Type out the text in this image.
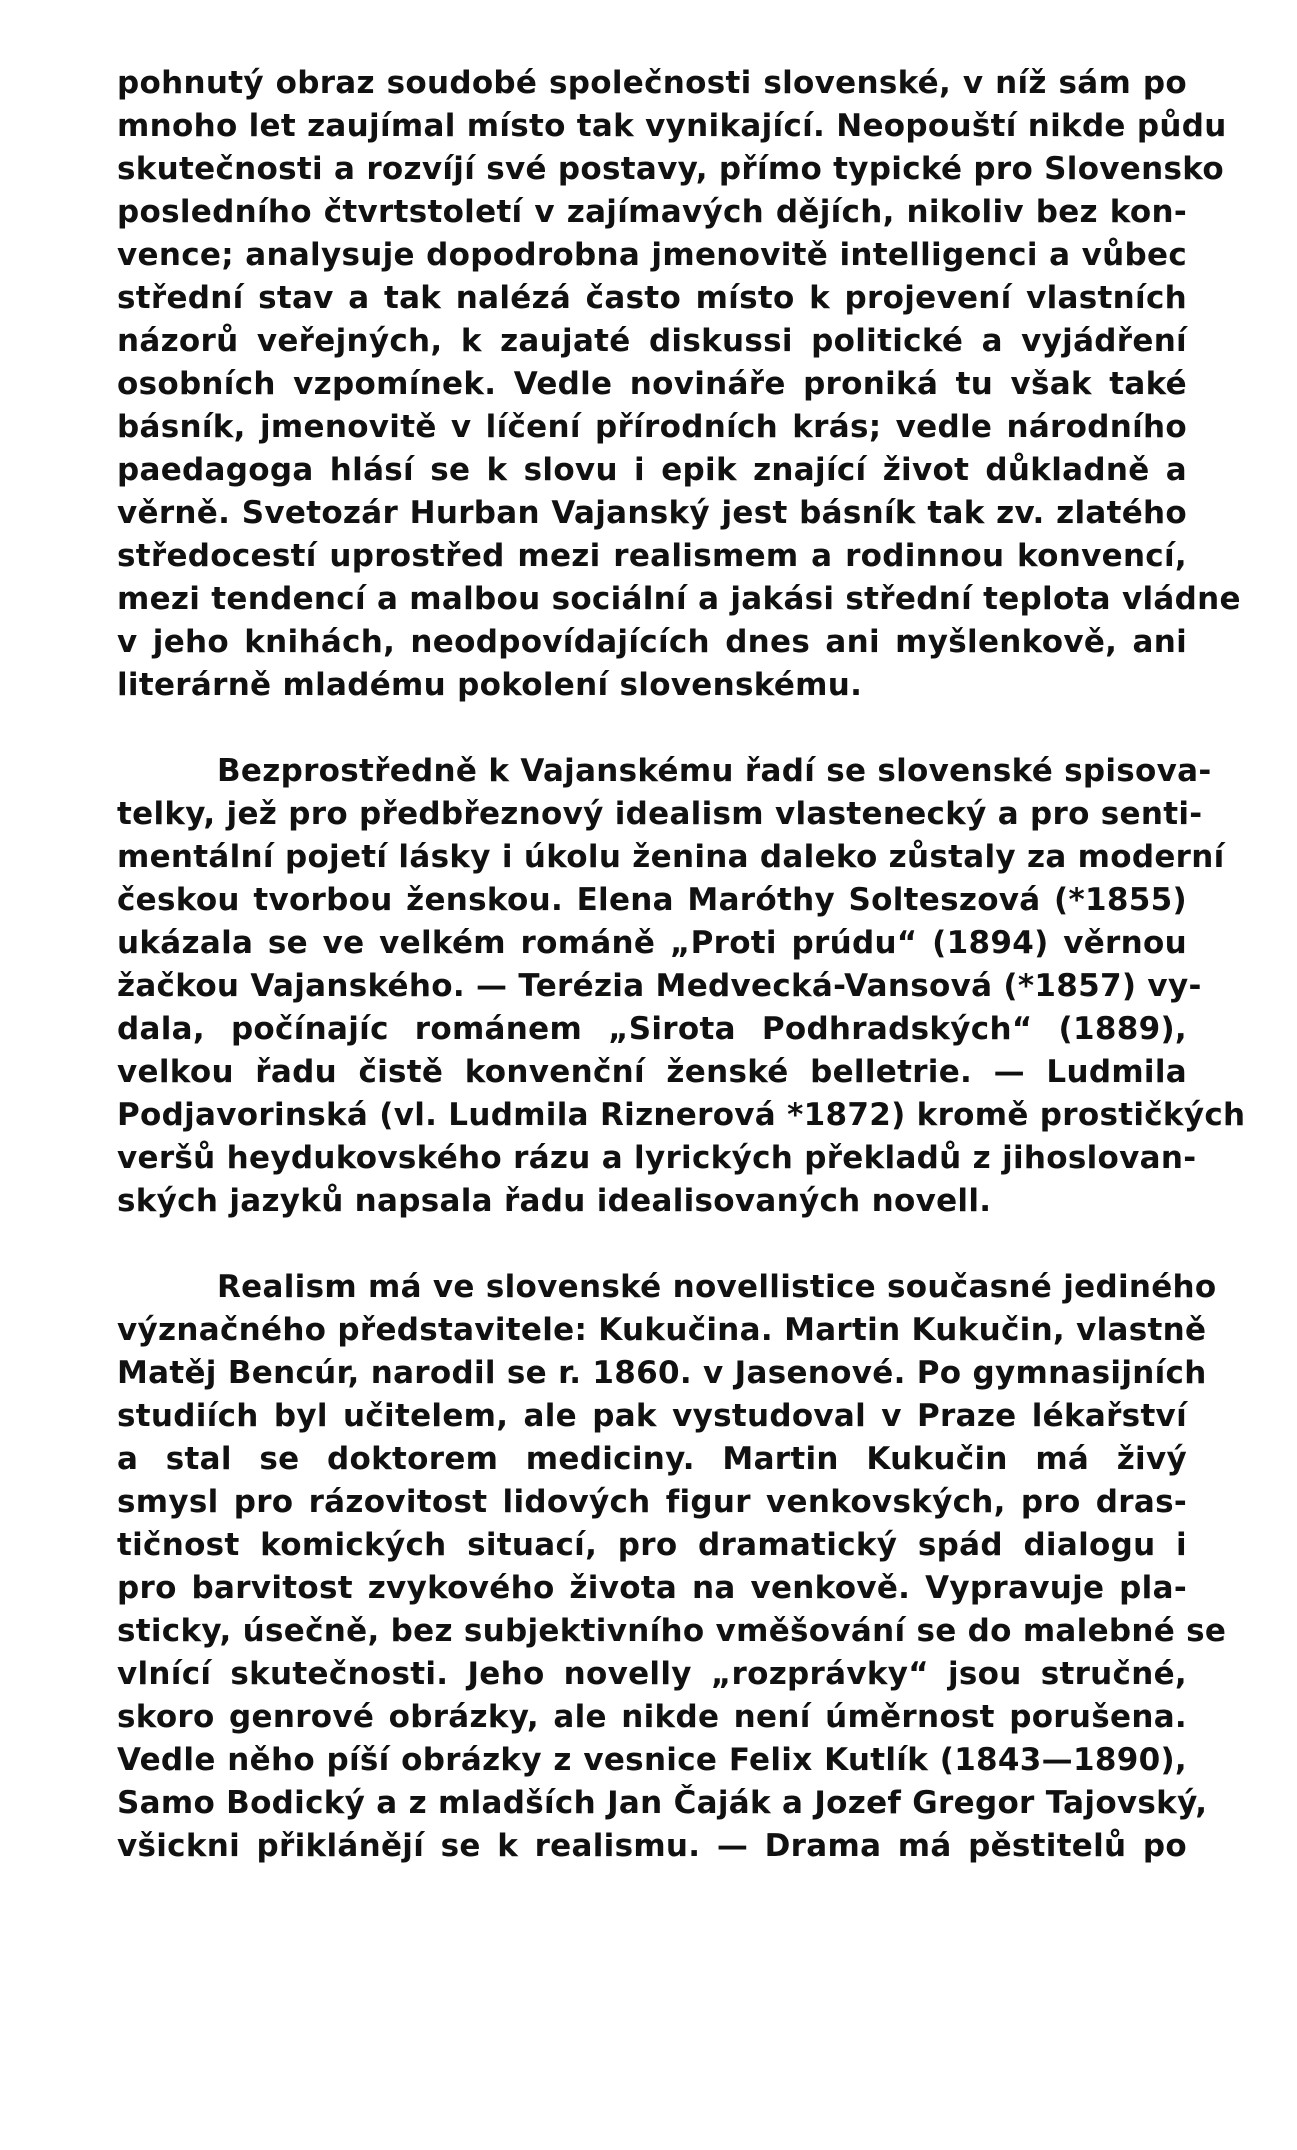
pohnutý obraz soudobé společnosti slovenské, v níž sám po
mnoho let zaujímal místo tak vynikající. Neopouští nikde půdu
skutečnosti a rozvíjí své postavy, přímo typické pro Slovensko
posledního čtvrtstoletí v zajímavých dějích, nikoliv bez kon-
vence; analysuje dopodrobna jmenovitě intelligenci a vůbec
střední stav a tak nalézá často místo k projevení vlastních
názorů veřejných, k zaujaté diskussi politické a vyjádření
osobních vzpomínek. Vedle novináře proniká tu však také
básník, jmenovitě v líčení přírodních krás; vedle národního
paedagoga hlásí se k slovu i epik znající život důkladně a
věrně. Svetozár Hurban Vajanský jest básník tak zv. zlatého
středocestí uprostřed mezi realismem a rodinnou konvencí,
mezi tendencí a malbou sociální a jakási střední teplota vládne
v jeho knihách, neodpovídajících dnes ani myšlenkově, ani
literárně mladému pokolení slovenskému.
Bezprostředně k Vajanskému řadí se slovenské spisova-
telky, jež pro předbřeznový idealism vlastenecký a pro senti-
mentální pojetí lásky i úkolu ženina daleko zůstaly za moderní
českou tvorbou ženskou. Elena Maróthy Solteszová (*1855)
ukázala se ve velkém románě „Proti prúdu“ (1894) věrnou
žačkou Vajanského. — Terézia Medvecká-Vansová (*1857) vy-
dala, počínajíc románem „Sirota Podhradských“ (1889),
velkou řadu čistě konvenční ženské belletrie. — Ludmila
Podjavorinská (vl. Ludmila Riznerová *1872) kromě prostičkých
veršů heydukovského rázu a lyrických překladů z jihoslovan-
ských jazyků napsala řadu idealisovaných novell.
Realism má ve slovenské novellistice současné jediného
význačného představitele: Kukučina. Martin Kukučin, vlastně
Matěj Bencúr, narodil se r. 1860. v Jasenové. Po gymnasijních
studiích byl učitelem, ale pak vystudoval v Praze lékařství
a stal se doktorem mediciny. Martin Kukučin má živý
smysl pro rázovitost lidových figur venkovských, pro dras-
tičnost komických situací, pro dramatický spád dialogu i
pro barvitost zvykového života na venkově. Vypravuje pla-
sticky, úsečně, bez subjektivního vměšování se do malebné se
vlnící skutečnosti. Jeho novelly „rozprávky“ jsou stručné,
skoro genrové obrázky, ale nikde není úměrnost porušena.
Vedle něho píší obrázky z vesnice Felix Kutlík (1843—1890),
Samo Bodický a z mladších Jan Čaják a Jozef Gregor Tajovský,
všickni přiklánějí se k realismu. — Drama má pěstitelů po
